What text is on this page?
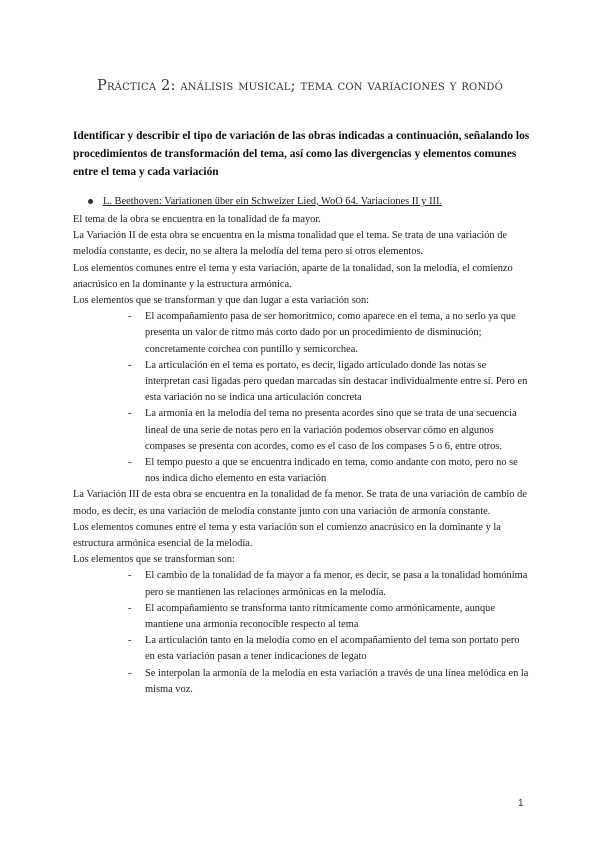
Práctica 2: análisis musical; tema con variaciones y rondó
Identificar y describir el tipo de variación de las obras indicadas a continuación, señalando los procedimientos de transformación del tema, así como las divergencias y elementos comunes entre el tema y cada variación
L. Beethoven: Variationen über ein Schweizer Lied, WoO 64. Variaciones II y III.

El tema de la obra se encuentra en la tonalidad de fa mayor.

La Variación II de esta obra se encuentra en la misma tonalidad que el tema. Se trata de una variación de melodía constante, es decir, no se altera la melodía del tema pero sí otros elementos.

Los elementos comunes entre el tema y esta variación, aparte de la tonalidad, son la melodía, el comienzo anacrúsico en la dominante y la estructura armónica.

Los elementos que se transforman y que dan lugar a esta variación son:

- El acompañamiento pasa de ser homorítmico, como aparece en el tema, a no serlo ya que presenta un valor de ritmo más corto dado por un procedimiento de disminución; concretamente corchea con puntillo y semicorchea.
- La articulación en el tema es portato, es decir, ligado articulado donde las notas se interpretan casi ligadas pero quedan marcadas sin destacar individualmente entre sí. Pero en esta variación no se indica una articulación concreta
- La armonía en la melodía del tema no presenta acordes sino que se trata de una secuencia lineal de una serie de notas pero en la variación podemos observar cómo en algunos compases se presenta con acordes, como es el caso de los compases 5 o 6, entre otros.
- El tempo puesto a que se encuentra indicado en tema, como andante con moto, pero no se nos indica dicho elemento en esta variación

La Variación III de esta obra se encuentra en la tonalidad de fa menor. Se trata de una variación de cambio de modo, es decir, es una variación de melodía constante junto con una variación de armonía constante.

Los elementos comunes entre el tema y esta variación son el comienzo anacrúsico en la dominante y la estructura armónica esencial de la melodía.

Los elementos que se transforman son:

- El cambio de la tonalidad de fa mayor a fa menor, es decir, se pasa a la tonalidad homónima pero se mantienen las relaciones armónicas en la melodía.
- El acompañamiento se transforma tanto rítmicamente como armónicamente, aunque mantiene una armonía reconocible respecto al tema
- La articulación tanto en la melodía como en el acompañamiento del tema son portato pero en esta variación pasan a tener indicaciones de legato
- Se interpolan la armonía de la melodía en esta variación a través de una línea melódica en la misma voz.
1
